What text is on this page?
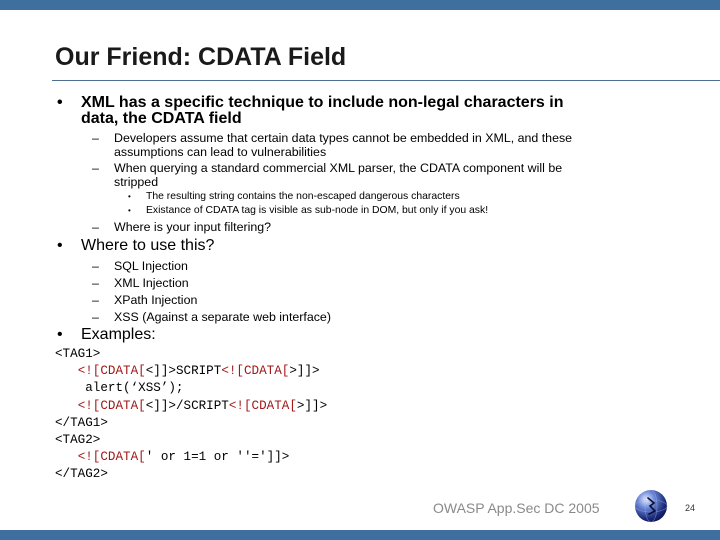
Our Friend: CDATA Field
• XML has a specific technique to include non-legal characters in
data, the CDATA field
– Developers assume that certain data types cannot be embedded in XML, and these
assumptions can lead to vulnerabilities
– When querying a standard commercial XML parser, the CDATA component will be
stripped
• The resulting string contains the non-escaped dangerous characters
• Existance of CDATA tag is visible as sub-node in DOM, but only if you ask!
– Where is your input filtering?
• Where to use this?
– SQL Injection
– XML Injection
– XPath Injection
– XSS (Against a separate web interface)
• Examples:
<TAG1>
<![CDATA[<]]>SCRIPT<![CDATA[>]]>
alert(‘XSS’);
<![CDATA[<]]>/SCRIPT<![CDATA[>]]>
</TAG1>
<TAG2>
<![CDATA[' or 1=1 or ''=']]>
</TAG2>
OWASP App.Sec DC 2005	24
